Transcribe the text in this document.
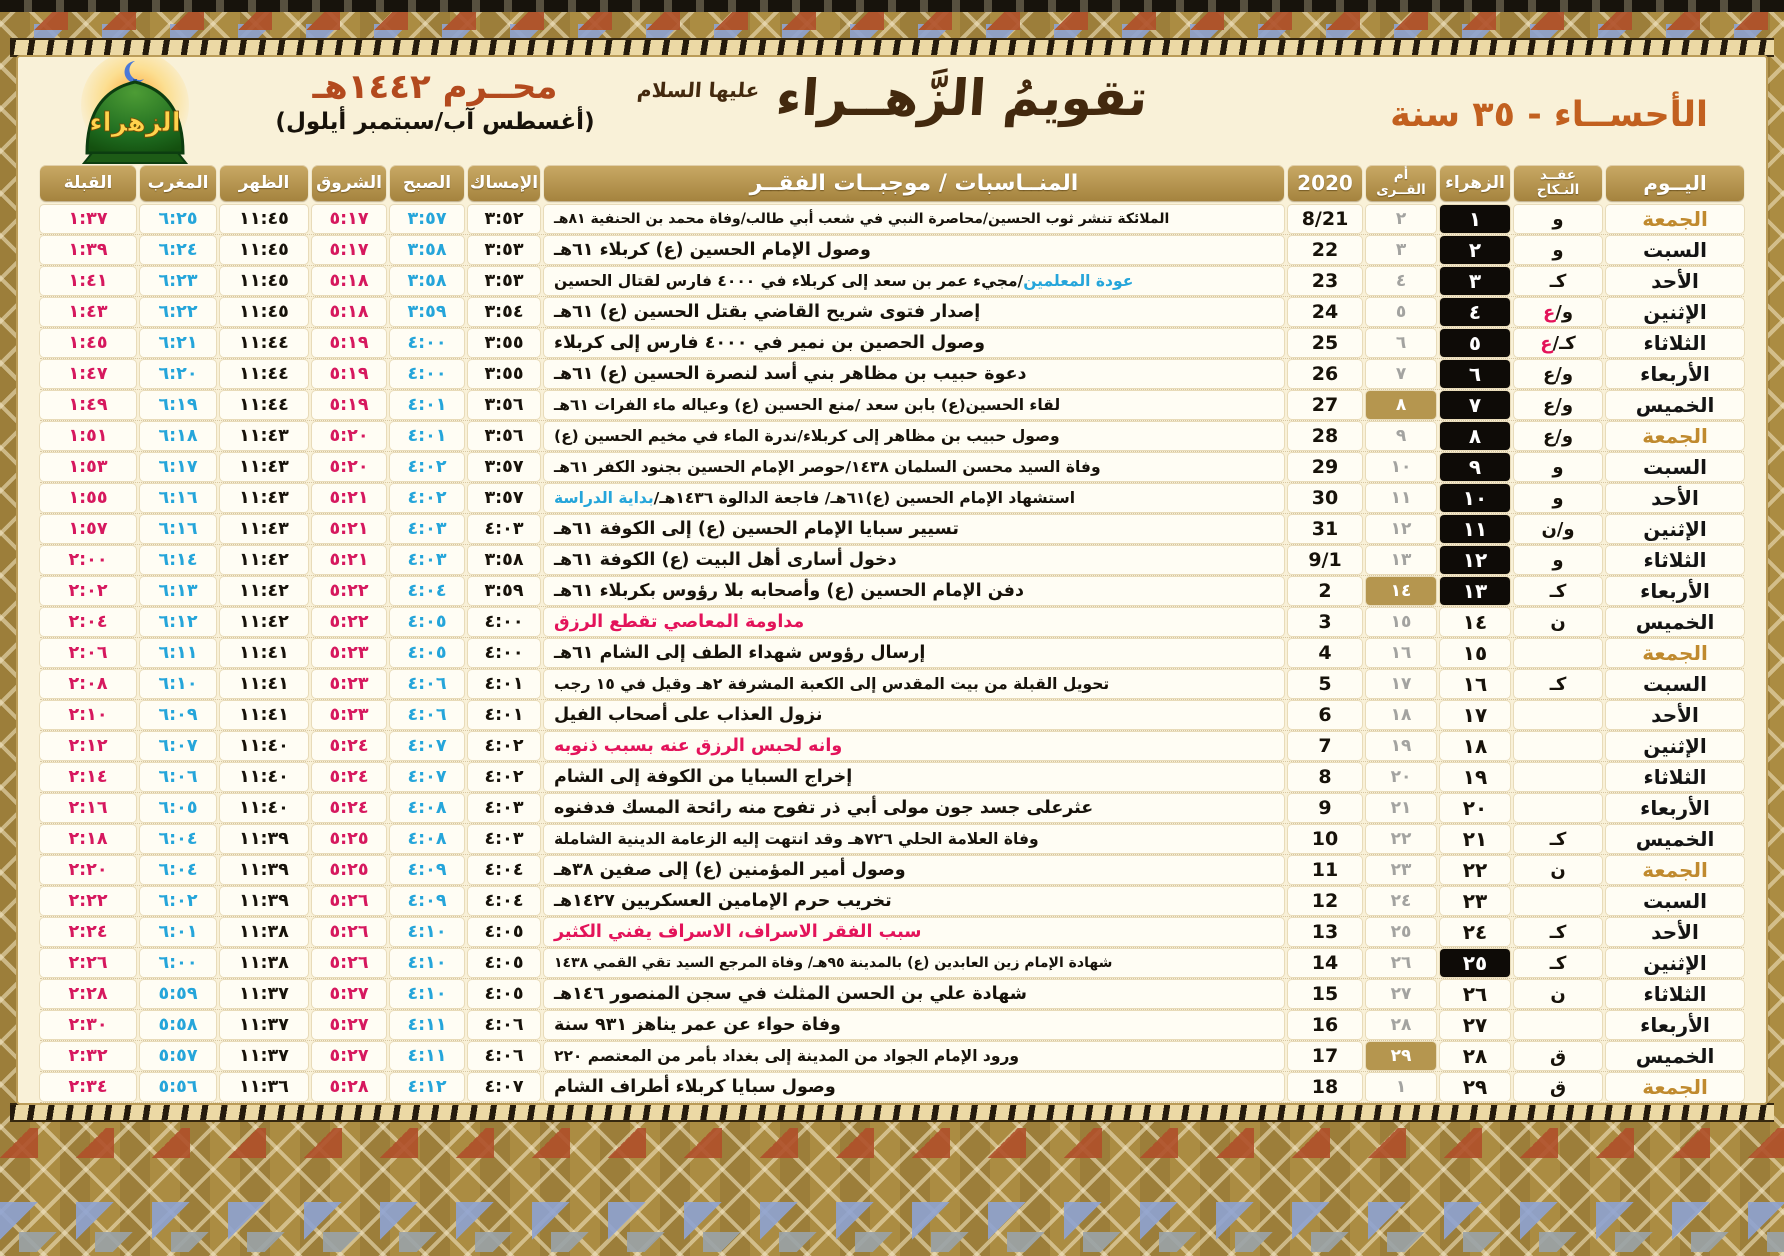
الأحســاء - ٣٥ سنة
تقويمُ الزَّهــراء $^{عليها السلام}$
محــرم ١٤٤٢هـ
(أغسطس آب/سبتمبر أيلول)
الزهراء
اليــوم
عقــد
النـكاح
الزهراء
أم
القــرى
2020
المنــاسبات / موجبــات الفقــر
الإمساك
الصبح
الشروق
الظهر
المغرب
القبلة
الجمعة
و
١
٢
8/21
الملائكة تنشر ثوب الحسين/محاصرة النبي في شعب أبي طالب/وفاة محمد بن الحنفية ٨١هـ
٣:٥٢
٣:٥٧
٥:١٧
١١:٤٥
٦:٢٥
١:٣٧
السبت
و
٢
٣
22
وصول الإمام الحسين (ع) كربلاء ٦١هـ
٣:٥٣
٣:٥٨
٥:١٧
١١:٤٥
٦:٢٤
١:٣٩
الأحد
كـ
٣
٤
23
عودة المعلمين
/مجيء عمر بن سعد إلى كربلاء في ٤٠٠٠ فارس لقتال الحسين
٣:٥٣
٣:٥٨
٥:١٨
١١:٤٥
٦:٢٣
١:٤١
الإثنين
و/
ع
٤
٥
24
إصدار فتوى شريح القاضي بقتل الحسين (ع) ٦١هـ
٣:٥٤
٣:٥٩
٥:١٨
١١:٤٥
٦:٢٢
١:٤٣
الثلاثاء
كـ/
ع
٥
٦
25
وصول الحصين بن نمير في ٤٠٠٠ فارس إلى كربلاء
٣:٥٥
٤:٠٠
٥:١٩
١١:٤٤
٦:٢١
١:٤٥
الأربعاء
و/ع
٦
٧
26
دعوة حبيب بن مظاهر بني أسد لنصرة الحسين (ع) ٦١هـ
٣:٥٥
٤:٠٠
٥:١٩
١١:٤٤
٦:٢٠
١:٤٧
الخميس
و/ع
٧
٨
27
لقاء الحسين(ع) بابن سعد /منع الحسين (ع) وعياله ماء الفرات ٦١هـ
٣:٥٦
٤:٠١
٥:١٩
١١:٤٤
٦:١٩
١:٤٩
الجمعة
و/ع
٨
٩
28
وصول حبيب بن مظاهر إلى كربلاء/ندرة الماء في مخيم الحسين (ع)
٣:٥٦
٤:٠١
٥:٢٠
١١:٤٣
٦:١٨
١:٥١
السبت
و
٩
١٠
29
وفاة السيد محسن السلمان ١٤٣٨/حوصر الإمام الحسين بجنود الكفر ٦١هـ
٣:٥٧
٤:٠٢
٥:٢٠
١١:٤٣
٦:١٧
١:٥٣
الأحد
و
١٠
١١
30
استشهاد الإمام الحسين (ع)٦١هـ/ فاجعة الدالوة ١٤٣٦هـ/
بداية الدراسة
٣:٥٧
٤:٠٢
٥:٢١
١١:٤٣
٦:١٦
١:٥٥
الإثنين
و/ن
١١
١٢
31
تسيير سبايا الإمام الحسين (ع) إلى الكوفة ٦١هـ
٤:٠٣
٤:٠٣
٥:٢١
١١:٤٣
٦:١٦
١:٥٧
الثلاثاء
و
١٢
١٣
9/1
دخول أسارى أهل البيت (ع) الكوفة ٦١هـ
٣:٥٨
٤:٠٣
٥:٢١
١١:٤٢
٦:١٤
٢:٠٠
الأربعاء
كـ
١٣
١٤
2
دفن الإمام الحسين (ع) وأصحابه بلا رؤوس بكربلاء ٦١هـ
٣:٥٩
٤:٠٤
٥:٢٢
١١:٤٢
٦:١٣
٢:٠٢
الخميس
ن
١٤
١٥
3
مداومة المعاصي تقطع الرزق
٤:٠٠
٤:٠٥
٥:٢٢
١١:٤٢
٦:١٢
٢:٠٤
الجمعة
١٥
١٦
4
إرسال رؤوس شهداء الطف إلى الشام ٦١هـ
٤:٠٠
٤:٠٥
٥:٢٣
١١:٤١
٦:١١
٢:٠٦
السبت
كـ
١٦
١٧
5
تحويل القبلة من بيت المقدس إلى الكعبة المشرفة ٢هـ وقيل في ١٥ رجب
٤:٠١
٤:٠٦
٥:٢٣
١١:٤١
٦:١٠
٢:٠٨
الأحد
١٧
١٨
6
نزول العذاب على أصحاب الفيل
٤:٠١
٤:٠٦
٥:٢٣
١١:٤١
٦:٠٩
٢:١٠
الإثنين
١٨
١٩
7
وانه لحبس الرزق عنه بسبب ذنوبه
٤:٠٢
٤:٠٧
٥:٢٤
١١:٤٠
٦:٠٧
٢:١٢
الثلاثاء
١٩
٢٠
8
إخراج السبايا من الكوفة إلى الشام
٤:٠٢
٤:٠٧
٥:٢٤
١١:٤٠
٦:٠٦
٢:١٤
الأربعاء
٢٠
٢١
9
عثرعلى جسد جون مولى أبي ذر تفوح منه رائحة المسك فدفنوه
٤:٠٣
٤:٠٨
٥:٢٤
١١:٤٠
٦:٠٥
٢:١٦
الخميس
كـ
٢١
٢٢
10
وفاة العلامة الحلي ٧٢٦هـ وقد انتهت إليه الزعامة الدينية الشاملة
٤:٠٣
٤:٠٨
٥:٢٥
١١:٣٩
٦:٠٤
٢:١٨
الجمعة
ن
٢٢
٢٣
11
وصول أمير المؤمنين (ع) إلى صفين ٣٨هـ
٤:٠٤
٤:٠٩
٥:٢٥
١١:٣٩
٦:٠٤
٢:٢٠
السبت
٢٣
٢٤
12
تخريب حرم الإمامين العسكريين ١٤٢٧هـ
٤:٠٤
٤:٠٩
٥:٢٦
١١:٣٩
٦:٠٢
٢:٢٢
الأحد
كـ
٢٤
٢٥
13
سبب الفقر الاسراف، الاسراف يفني الكثير
٤:٠٥
٤:١٠
٥:٢٦
١١:٣٨
٦:٠١
٢:٢٤
الإثنين
كـ
٢٥
٢٦
14
شهادة الإمام زين العابدين (ع) بالمدينة ٩٥هـ/ وفاة المرجع السيد تقي القمي ١٤٣٨
٤:٠٥
٤:١٠
٥:٢٦
١١:٣٨
٦:٠٠
٢:٢٦
الثلاثاء
ن
٢٦
٢٧
15
شهادة علي بن الحسن المثلث في سجن المنصور ١٤٦هـ
٤:٠٥
٤:١٠
٥:٢٧
١١:٣٧
٥:٥٩
٢:٢٨
الأربعاء
٢٧
٢٨
16
وفاة حواء عن عمر يناهز ٩٣١ سنة
٤:٠٦
٤:١١
٥:٢٧
١١:٣٧
٥:٥٨
٢:٣٠
الخميس
ق
٢٨
٢٩
17
ورود الإمام الجواد من المدينة إلى بغداد بأمر من المعتصم ٢٢٠
٤:٠٦
٤:١١
٥:٢٧
١١:٣٧
٥:٥٧
٢:٣٢
الجمعة
ق
٢٩
١
18
وصول سبايا كربلاء أطراف الشام
٤:٠٧
٤:١٢
٥:٢٨
١١:٣٦
٥:٥٦
٢:٣٤
